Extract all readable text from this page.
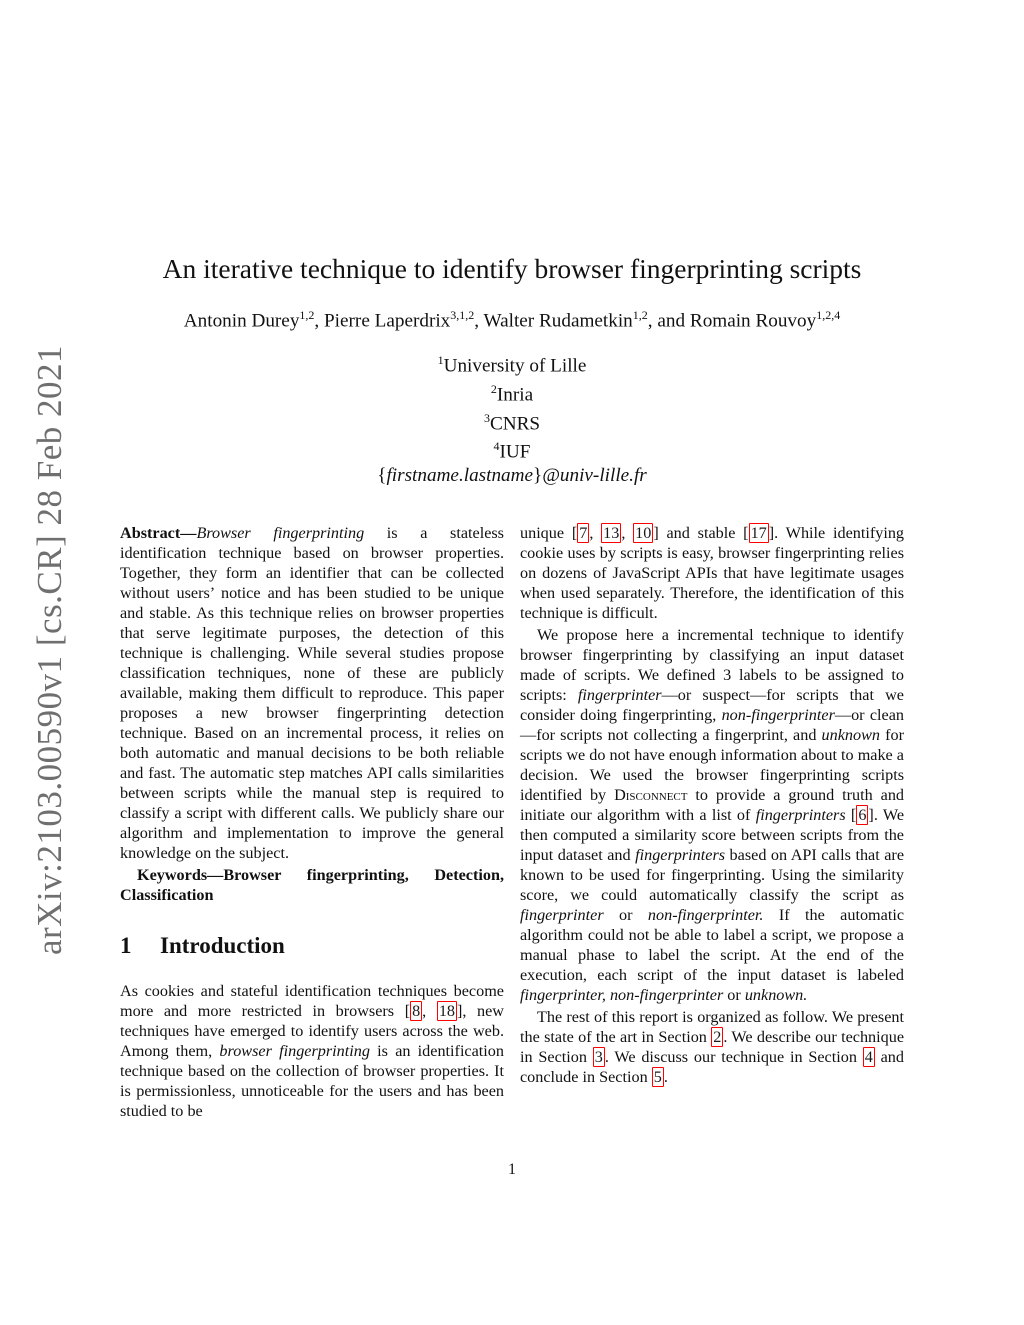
arXiv:2103.00590v1 [cs.CR] 28 Feb 2021
An iterative technique to identify browser fingerprinting scripts
Antonin Durey$^{1,2}$, Pierre Laperdrix$^{3,1,2}$, Walter Rudametkin$^{1,2}$, and Romain Rouvoy$^{1,2,4}$
$^1$University of Lille
$^2$Inria
$^3$CNRS
$^4$IUF
{firstname.lastname}@univ-lille.fr

Abstract—Browser fingerprinting is a stateless identification technique based on browser properties. Together, they form an identifier that can be collected without users’ notice and has been studied to be unique and stable. As this technique relies on browser properties that serve legitimate purposes, the detection of this technique is challenging. While several studies propose classification techniques, none of these are publicly available, making them difficult to reproduce. This paper proposes a new browser fingerprinting detection technique. Based on an incremental process, it relies on both automatic and manual decisions to be both reliable and fast. The automatic step matches API calls similarities between scripts while the manual step is required to classify a script with different calls. We publicly share our algorithm and implementation to improve the general knowledge on the subject.

Keywords—Browser fingerprinting, Detection, Classification

1 Introduction

As cookies and stateful identification techniques become more and more restricted in browsers [ 8 , 18 ], new techniques have emerged to identify users across the web. Among them, browser fingerprinting is an identification technique based on the collection of browser properties. It is permissionless, unnoticeable for the users and has been studied to be

unique [ 7 , 13 , 10 ] and stable [ 17 ]. While identifying cookie uses by scripts is easy, browser fingerprinting relies on dozens of JavaScript APIs that have legitimate usages when used separately. Therefore, the identification of this technique is difficult.

We propose here a incremental technique to identify browser fingerprinting by classifying an input dataset made of scripts. We defined 3 labels to be assigned to scripts: fingerprinter—or suspect—for scripts that we consider doing fingerprinting, non-fingerprinter—or clean—for scripts not collecting a fingerprint, and unknown for scripts we do not have enough information about to make a decision. We used the browser fingerprinting scripts identified by Disconnect to provide a ground truth and initiate our algorithm with a list of fingerprinters [ 6 ]. We then computed a similarity score between scripts from the input dataset and fingerprinters based on API calls that are known to be used for fingerprinting. Using the similarity score, we could automatically classify the script as fingerprinter or non-fingerprinter. If the automatic algorithm could not be able to label a script, we propose a manual phase to label the script. At the end of the execution, each script of the input dataset is labeled fingerprinter, non-fingerprinter or unknown.

The rest of this report is organized as follow. We present the state of the art in Section 2 . We describe our technique in Section 3 . We discuss our technique in Section 4 and conclude in Section 5 .

1
